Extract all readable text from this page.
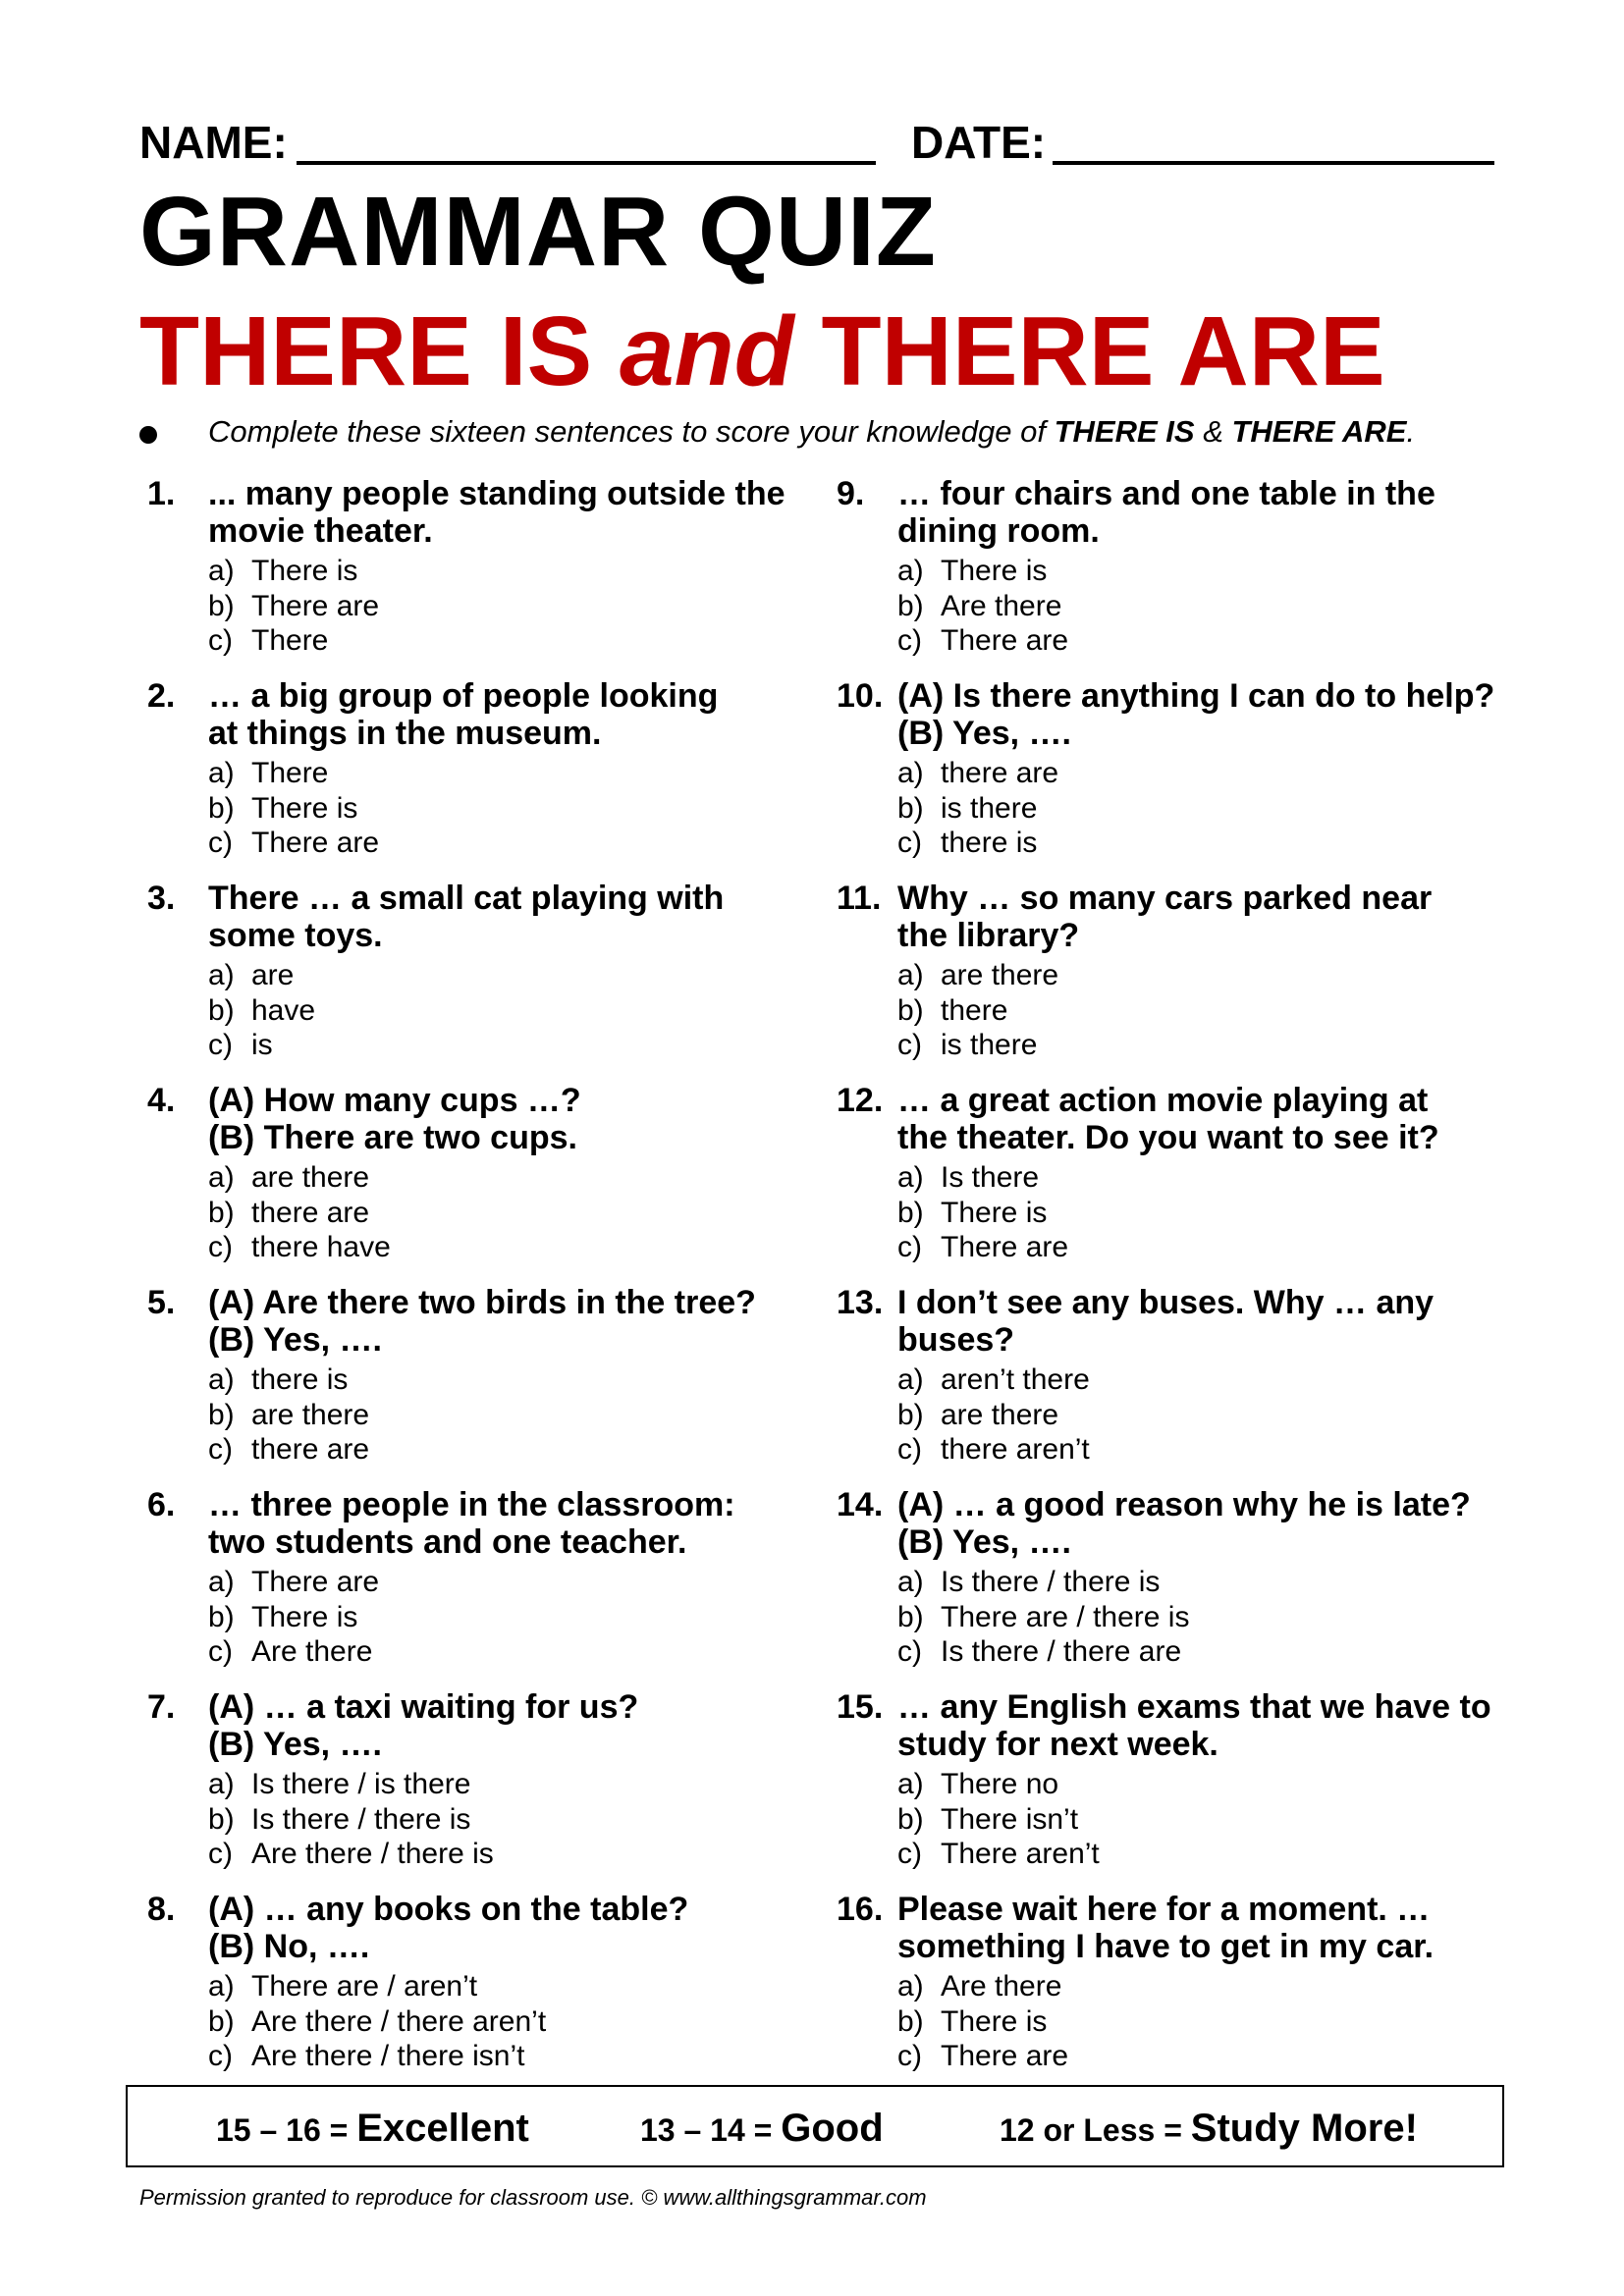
NAME:	DATE:
GRAMMAR QUIZ
THERE IS and THERE ARE
Complete these sixteen sentences to score your knowledge of THERE IS & THERE ARE.
1. ... many people standing outside the
movie theater.
a) There is
b) There are
c) There
2. … a big group of people looking
at things in the museum.
a) There
b) There is
c) There are
3. There … a small cat playing with
some toys.
a) are
b) have
c) is
4. (A) How many cups …?
(B) There are two cups.
a) are there
b) there are
c) there have
5. (A) Are there two birds in the tree?
(B) Yes, ….
a) there is
b) are there
c) there are
6. … three people in the classroom:
two students and one teacher.
a) There are
b) There is
c) Are there
7. (A) … a taxi waiting for us?
(B) Yes, ….
a) Is there / is there
b) Is there / there is
c) Are there / there is
8. (A) … any books on the table?
(B) No, ….
a) There are / aren’t
b) Are there / there aren’t
c) Are there / there isn’t
9. … four chairs and one table in the
dining room.
a) There is
b) Are there
c) There are
10. (A) Is there anything I can do to help?
(B) Yes, ….
a) there are
b) is there
c) there is
11. Why … so many cars parked near
the library?
a) are there
b) there
c) is there
12. … a great action movie playing at
the theater. Do you want to see it?
a) Is there
b) There is
c) There are
13. I don’t see any buses. Why … any
buses?
a) aren’t there
b) are there
c) there aren’t
14. (A) … a good reason why he is late?
(B) Yes, ….
a) Is there / there is
b) There are / there is
c) Is there / there are
15. … any English exams that we have to
study for next week.
a) There no
b) There isn’t
c) There aren’t
16. Please wait here for a moment. …
something I have to get in my car.
a) Are there
b) There is
c) There are
15 – 16 = Excellent	13 – 14 = Good	12 or Less = Study More!
Permission granted to reproduce for classroom use. © www.allthingsgrammar.com
